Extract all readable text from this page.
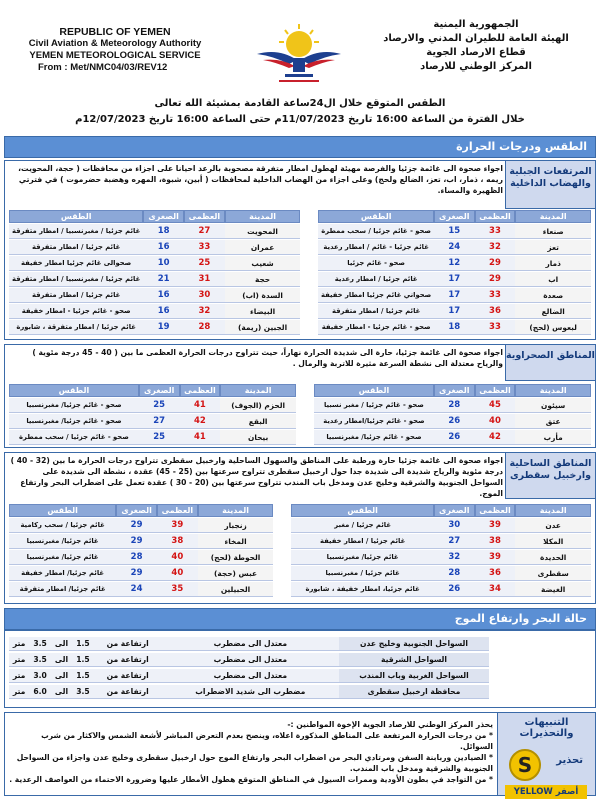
REPUBLIC OF YEMEN
Civil Aviation & Meteorology Authority
YEMEN METEOROLOGICAL SERVICE
From : Met/NMC04/03/REV12
الجمهورية اليمنية
الهيئة العامة للطيران المدني والارصاد
قطاع الارصاد الجوية
المركز الوطني للارصاد
الطقس المتوقع خلال ال24ساعة القادمة بمشيئة الله تعالى
خلال الفترة من الساعة 16:00 تاريخ 11/07/2023م حتى الساعة 16:00 تاريخ 12/07/2023م
الطقس ودرجات الحرارة
المرتفعات الجبلية والهضاب الداخلية
اجواء صحوة الى غائمة جزئيا والفرصة مهيئة لهطول امطار متفرقة مصحوبة بالرعد احيانا على اجزاء من محافظات ( حجة، المحويت، ريمه ، ذمار، اب، تعز، الضالع ولحج) وعلى اجزاء من الهضاب الداخلية لمحافظات ( أبين، شبوة، المهره وهضبة حضرموت ) في فترتي الظهيرة والمساء.
المدينة	العظمى	الصغرى	الطقس		المدينة	العظمى	الصغرى	الطقس
صنعاء	33	15	صحو - غائم جزئيا / سحب ممطرة		المحويت	27	18	غائم جزئيا / مغبرنسبيا / امطار متفرقة
تعز	32	24	غائم جزئيا - غائم / امطار رعدية		عمران	33	16	غائم جزئيا / امطار متفرقة
ذمار	29	12	صحو - غائم جزئيا		شعيب	25	10	صحوالى غائم جزئيا امطار خفيفة
اب	29	17	غائم جزئيا / امطار رعدية		حجة	31	21	غائم جزئيا / مغبرنسبيا / امطار متفرقة
صعدة	33	17	صحواني غائم جزئيا امطار خفيفة		السدة (اب)	30	16	غائم جزئيا / امطار متفرقة
الضالع	36	17	غائم جزئيا / امطار متفرقة		البيضاء	32	16	صحو - غائم جزئيا - امطار خفيفة
لبعوس (لحج)	33	18	صحو - غائم جزئيا - امطار خفيفة		الجبين (ريمة)	28	19	غائم جزئيا / امطار متفرقة ، شابورة
المناطق الصحراوية
اجواء صحوة الى غائمة جزئيا، حارة الى شديدة الحرارة نهاراً، حيث تتراوح درجات الحرارة العظمى ما بين ( 40 - 45 درجة مئوية ) والرياح معتدلة الى نشطة السرعة مثيرة للاتربة والرمال .
المدينة	العظمى	الصغرى	الطقس		المدينة	العظمى	الصغرى	الطقس
سيئون	45	28	صحو - غائم جزئيا / مغبر نسبيا		الحزم (الجوف)	41	25	صحو - غائم جزئيا/ مغبرنسبيا
عتق	40	26	صحو - غائم جزئيا/امطار رعدية		البقع	42	27	صحو - غائم جزئيا/ مغبرنسبيا
مأرب	42	26	صحو - غائم جزئيا/ مغبرنسبيا		بيحان	41	25	صحو - غائم جزئيا / سحب ممطرة
المناطق الساحلية وارخبيل سقطرى
اجواء صحوة الى غائمة جزئيا حارة ورطبة على المناطق والسهول الساحلية وارخبيل سقطرى تتراوح درجات الحرارة ما بين (32 - 40 ) درجة مئوية والرياح شديدة الى شديدة جدا حول ارخبيل سقطرى تتراوح سرعتها بين (25 - 45) عقدة ، نشطة الى شديدة على السواحل الجنوبية والشرقية وخليج عدن ومدخل باب المندب تتراوح سرعتها بين (20 - 30 ) عقدة تعمل على اضطراب البحر وارتفاع الموج.
المدينة	العظمى	الصغرى	الطقس		المدينة	العظمى	الصغرى	الطقس
عدن	39	30	غائم جزئيا / مغبر		زنجبار	39	29	غائم جزئيا / سحب ركامية
المكلا	38	27	غائم جزئيا / امطار خفيفة		المخاء	38	29	غائم جزئيا/ مغبرنسبيا
الحديدة	39	32	غائم جزئيا/ مغبرنسبيا		الحوطة (لحج)	40	28	غائم جزئيا/ مغبرنسبيا
سقطرى	36	28	غائم جزئيا / مغبرنسبيا		عبس (حجة)	40	29	غائم جزئيا/ امطار خفيفة
الغيضة	34	26	غائم جزئيا، امطار خفيفة ، شابورة		الحبيلين	35	24	غائم جزئيا/ امطار متفرقة
حالة البحر وارتفاع الموج
السواحل الجنوبية وخليج عدن	معتدل الى مضطرب	ارتفاعة من	1.5	الى	3.5	متر
السواحل الشرقية	معتدل الى مضطرب	ارتفاعة من	1.5	الى	3.5	متر
السواحل الغربية وباب المندب	معتدل الى مضطرب	ارتفاعة من	1.5	الى	3.0	متر
محافظة ارخبيل سقطرى	مضطرب الى شديد الاضطراب	ارتفاعة من	3.5	الى	6.0	متر
التنبيهات والتحذيرات
S	تحذير
أصفر YELLOW
يحذر المركز الوطني للارصاد الجوية الإخوة المواطنين :-
* من درجات الحرارة المرتفعة على المناطق المذكورة اعلاه، وينصح بعدم التعرض المباشر لأشعة الشمس والاكثار من شرب السوائل.
* الصيادين وربابنة السفن ومرتادي البحر من اضطراب البحر وارتفاع الموج حول ارخبيل سقطرى وخليج عدن واجزاء من السواحل الجنوبية والشرقية ومدخل باب المندب.
* من التواجد في بطون الأودية وممرات السيول في المناطق المتوقع هطول الأمطار عليها وضرورة الاحتماء من العواصف الرعدية .
